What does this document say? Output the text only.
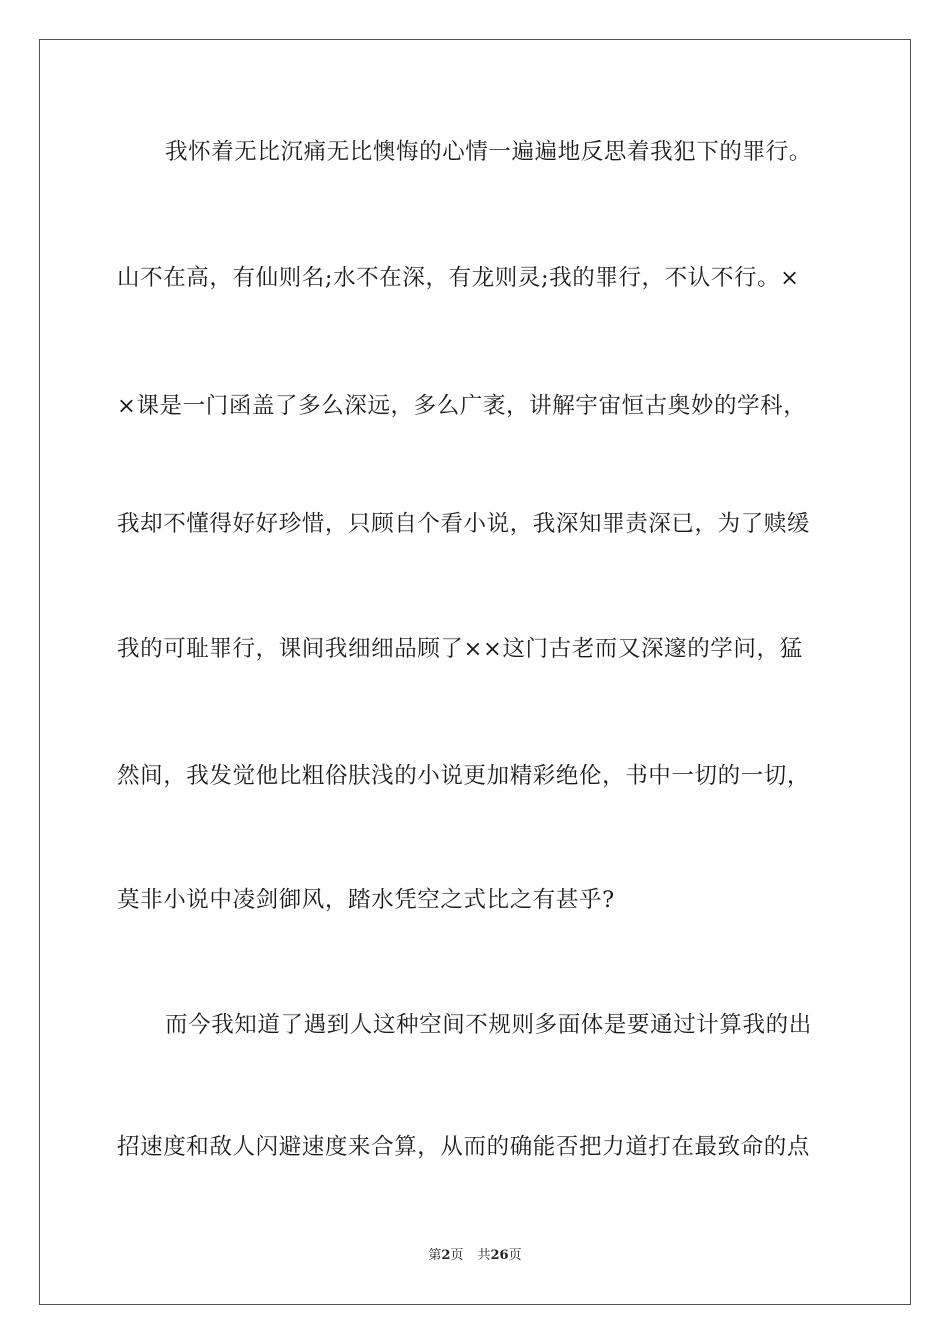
我怀着无比沉痛无比懊悔的心情一遍遍地反思着我犯下的罪行。
山不在高，有仙则名;水不在深，有龙则灵;我的罪行，不认不行。×
×课是一门函盖了多么深远，多么广袤，讲解宇宙恒古奥妙的学科，
我却不懂得好好珍惜，只顾自个看小说，我深知罪责深已，为了赎缓
我的可耻罪行，课间我细细品顾了××这门古老而又深邃的学问，猛
然间，我发觉他比粗俗肤浅的小说更加精彩绝伦，书中一切的一切，
莫非小说中凌剑御风，踏水凭空之式比之有甚乎?
而今我知道了遇到人这种空间不规则多面体是要通过计算我的出
招速度和敌人闪避速度来合算，从而的确能否把力道打在最致命的点
第2页 共26页
